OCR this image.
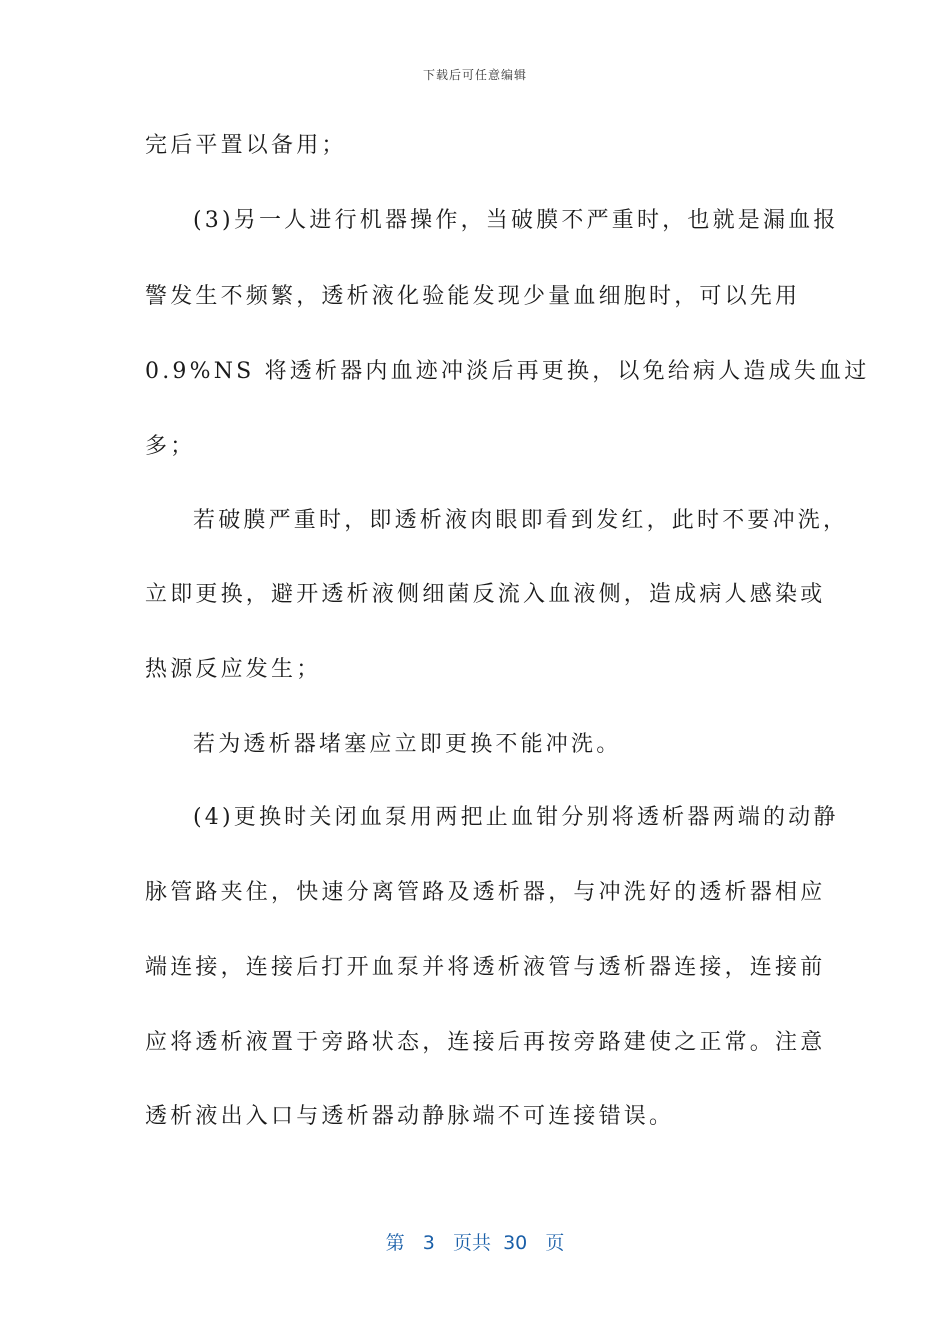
下载后可任意编辑
完后平置以备用；
(3)另一人进行机器操作，当破膜不严重时，也就是漏血报
警发生不频繁，透析液化验能发现少量血细胞时，可以先用
0.9%NS 将透析器内血迹冲淡后再更换，以免给病人造成失血过
多；
若破膜严重时，即透析液肉眼即看到发红，此时不要冲洗，
立即更换，避开透析液侧细菌反流入血液侧，造成病人感染或
热源反应发生；
若为透析器堵塞应立即更换不能冲洗。
(4)更换时关闭血泵用两把止血钳分别将透析器两端的动静
脉管路夹住，快速分离管路及透析器，与冲洗好的透析器相应
端连接，连接后打开血泵并将透析液管与透析器连接，连接前
应将透析液置于旁路状态，连接后再按旁路建使之正常。注意
透析液出入口与透析器动静脉端不可连接错误。
第 3 页共 30 页
